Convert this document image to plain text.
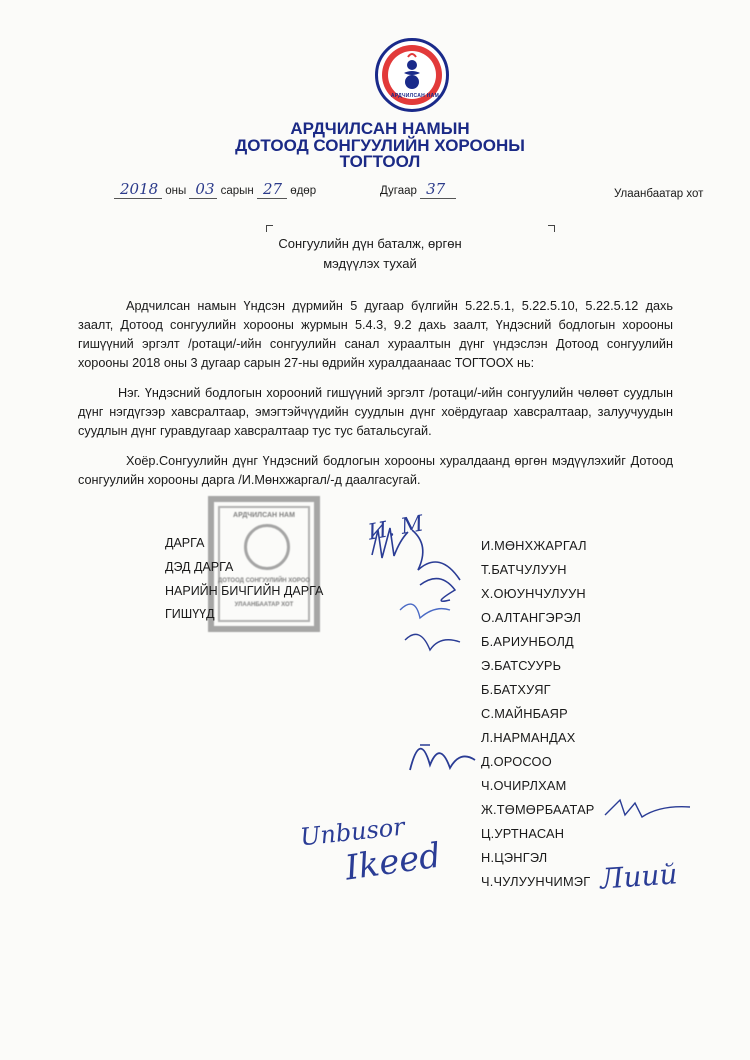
АРДЧИЛСАН НАМ
АРДЧИЛСАН НАМЫН
ДОТООД СОНГУУЛИЙН ХОРООНЫ
ТОГТООЛ
2018 оны 03 сарын 27 өдөр	Дугаар 37	Улаанбаатар хот
Сонгуулийн дүн баталж, өргөн
мэдүүлэх тухай
Ардчилсан намын Үндсэн дүрмийн 5 дугаар бүлгийн 5.22.5.1, 5.22.5.10, 5.22.5.12 дахь заалт, Дотоод сонгуулийн хорооны журмын 5.4.3, 9.2 дахь заалт, Үндэсний бодлогын хорооны гишүүний эргэлт /ротаци/-ийн сонгуулийн санал хураалтын дүнг үндэслэн Дотоод сонгуулийн хорооны 2018 оны 3 дугаар сарын 27-ны өдрийн хуралдаанаас ТОГТООХ нь:
Нэг. Үндэсний бодлогын хорооний гишүүний эргэлт /ротаци/-ийн сонгуулийн чөлөөт суудлын дүнг нэгдүгээр хавсралтаар, эмэгтэйчүүдийн суудлын дүнг хоёрдугаар хавсралтаар, залуучуудын суудлын дүнг гуравдугаар хавсралтаар тус тус батальсугай.
Хоёр.Сонгуулийн дүнг Үндэсний бодлогын хорооны хуралдаанд өргөн мэдүүлэхийг Дотоод сонгуулийн хорооны дарга /И.Мөнхжаргал/-д даалгасугай.
АРДЧИЛСАН НАМ
ДОТООД СОНГУУЛИЙН ХОРОО
УЛААНБААТАР ХОТ
ДАРГА
ДЭД ДАРГА
НАРИЙН БИЧГИЙН ДАРГА
ГИШҮҮД
И.МӨНХЖАРГАЛ
Т.БАТЧУЛУУН
Х.ОЮУНЧУЛУУН
О.АЛТАНГЭРЭЛ
Б.АРИУНБОЛД
Э.БАТСУУРЬ
Б.БАТХУЯГ
С.МАЙНБАЯР
Л.НАРМАНДАХ
Д.ОРОСОО
Ч.ОЧИРЛХАМ
Ж.ТӨМӨРБААТАР
Ц.УРТНАСАН
Н.ЦЭНГЭЛ
Ч.ЧУЛУУНЧИМЭГ
Unbusor
Ikeed	Лиий
И. М
